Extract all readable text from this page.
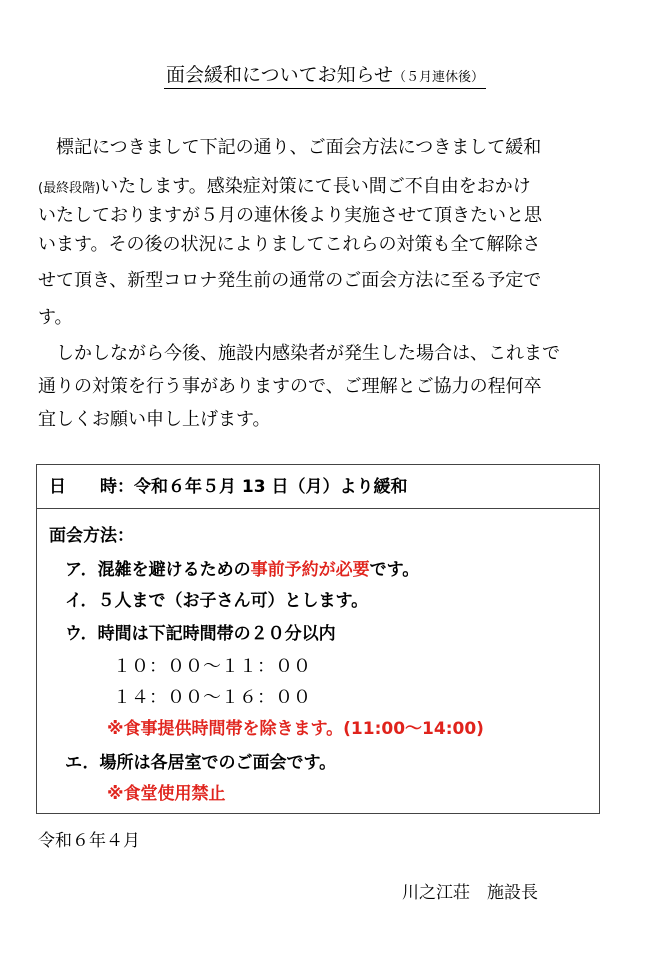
面会緩和についてお知らせ（５月連休後）
　標記につきまして下記の通り、ご面会方法につきまして緩和
(最終段階)いたします。感染症対策にて長い間ご不自由をおかけ
いたしておりますが５月の連休後より実施させて頂きたいと思
います。その後の状況によりましてこれらの対策も全て解除さ
せて頂き、新型コロナ発生前の通常のご面会方法に至る予定で
す。
　しかしながら今後、施設内感染者が発生した場合は、これまで
通りの対策を行う事がありますので、ご理解とご協力の程何卒
宜しくお願い申し上げます。
日　　時：令和６年５月 13 日（月）より緩和
面会方法：
ア．混雑を避けるための事前予約が必要です。
イ．５人まで（お子さん可）とします。
ウ．時間は下記時間帯の２０分以内
１０：００～１１：００
１４：００～１６：００
※食事提供時間帯を除きます。(11:00～14:00)
エ．場所は各居室でのご面会です。
※食堂使用禁止
令和６年４月
川之江荘　施設長
